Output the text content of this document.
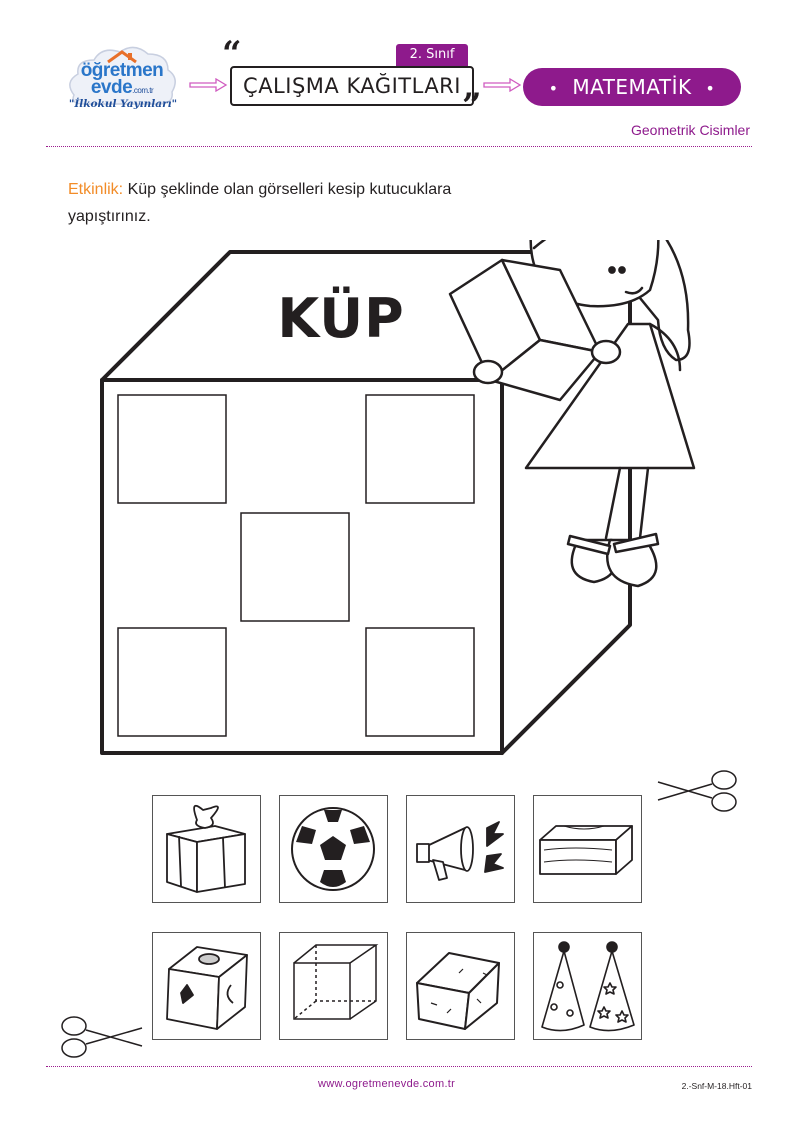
öğretmen evde.com.tr
"İlkokul Yayınları"
“	2. Sınıf
ÇALIŞMA KAĞITLARI ”	• MATEMATİK •
Geometrik Cisimler
Etkinlik: Küp şeklinde olan görselleri kesip kutucuklara yapıştırınız.
KÜP
www.ogretmenevde.com.tr	2.-Snf-M-18.Hft-01
